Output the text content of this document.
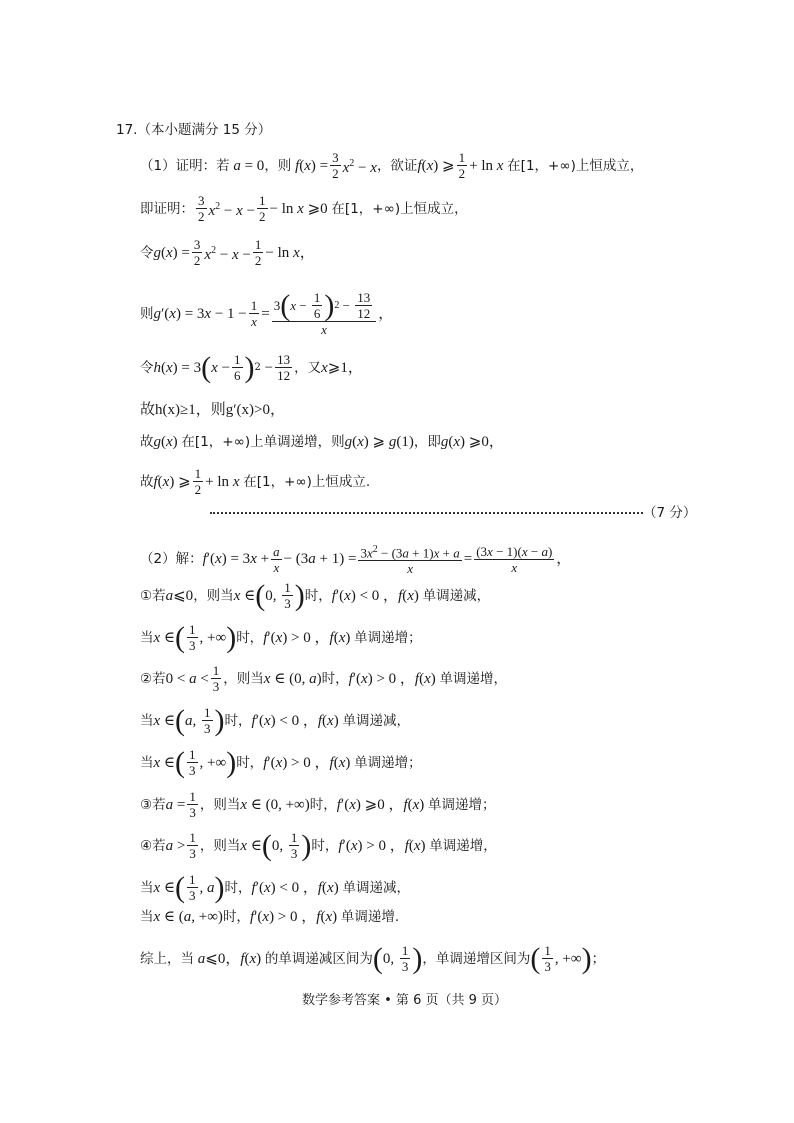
17.（本小题满分 15 分）
（1）证明：若 a = 0 ，则 $f(x) = \frac{3}{2} x^2 - x$ ，欲证 f(x) ⩾ $\frac{1}{2} + \ln x$ 在[1，+∞)上恒成立，
即证明： $\frac{3}{2} x^2 - x - \frac{1}{2} - \ln x$ ⩾0 在[1，+∞)上恒成立，
令 $g(x) = \frac{3}{2} x^2 - x - \frac{1}{2} - \ln x$，
则 $g'(x) = 3x - 1 - \frac{1}{x} = \frac{3 ( x - \frac{1}{6} ) 2 - \frac{13}{12}}{x}$ ，
令 h(x) = 3 ( $x - \frac{1}{6}$ ) $2 - \frac{13}{12}$ ，又 x⩾1，
故h(x)≥1，则g′(x)>0，
故 g(x) 在[1，+∞)上单调递增，则 g(x) ⩾ g(1) ，即 g(x) ⩾0，
故 f(x) ⩾ $\frac{1}{2} + \ln x$ 在[1，+∞)上恒成立.
（7 分）
（2）解： $f'(x) = 3x + \frac{a}{x} - (3a + 1) = \frac{3x^2 - (3a + 1)x + a}{x} = \frac{(3x - 1)(x - a)}{x}$ ，
①若 a⩽0 ，则当 x ∈ ( 0, $\frac{1}{3}$ ) 时， f′(x) < 0 ，f(x) 单调递减，
当 x ∈ ( $\frac{1}{3}$ , +∞ ) 时， f′(x) > 0 ，f(x) 单调递增；
②若 $0 < a < \frac{1}{3}$ ，则当 x ∈ (0, a) 时， f′(x) > 0 ，f(x) 单调递增，
当 x ∈ ( a, $\frac{1}{3}$ ) 时， f′(x) < 0 ，f(x) 单调递减，
当 x ∈ ( $\frac{1}{3}$ , +∞ ) 时， f′(x) > 0 ，f(x) 单调递增；
③若 $a = \frac{1}{3}$ ，则当 x ∈ (0, +∞) 时， f′(x) ⩾0 ，f(x) 单调递增；
④若 $a > \frac{1}{3}$ ，则当 x ∈ ( 0, $\frac{1}{3}$ ) 时， f′(x) > 0 ，f(x) 单调递增，
当 x ∈ ( $\frac{1}{3}$ , a ) 时， f′(x) < 0 ，f(x) 单调递减，
当 x ∈ (a, +∞) 时， f′(x) > 0 ，f(x) 单调递增.
综上，当 a⩽0，f(x) 的单调递减区间为 ( 0, $\frac{1}{3}$ ) ，单调递增区间为 ( $\frac{1}{3}$ , +∞ ) ；
数学参考答案 • 第 6 页（共 9 页）
